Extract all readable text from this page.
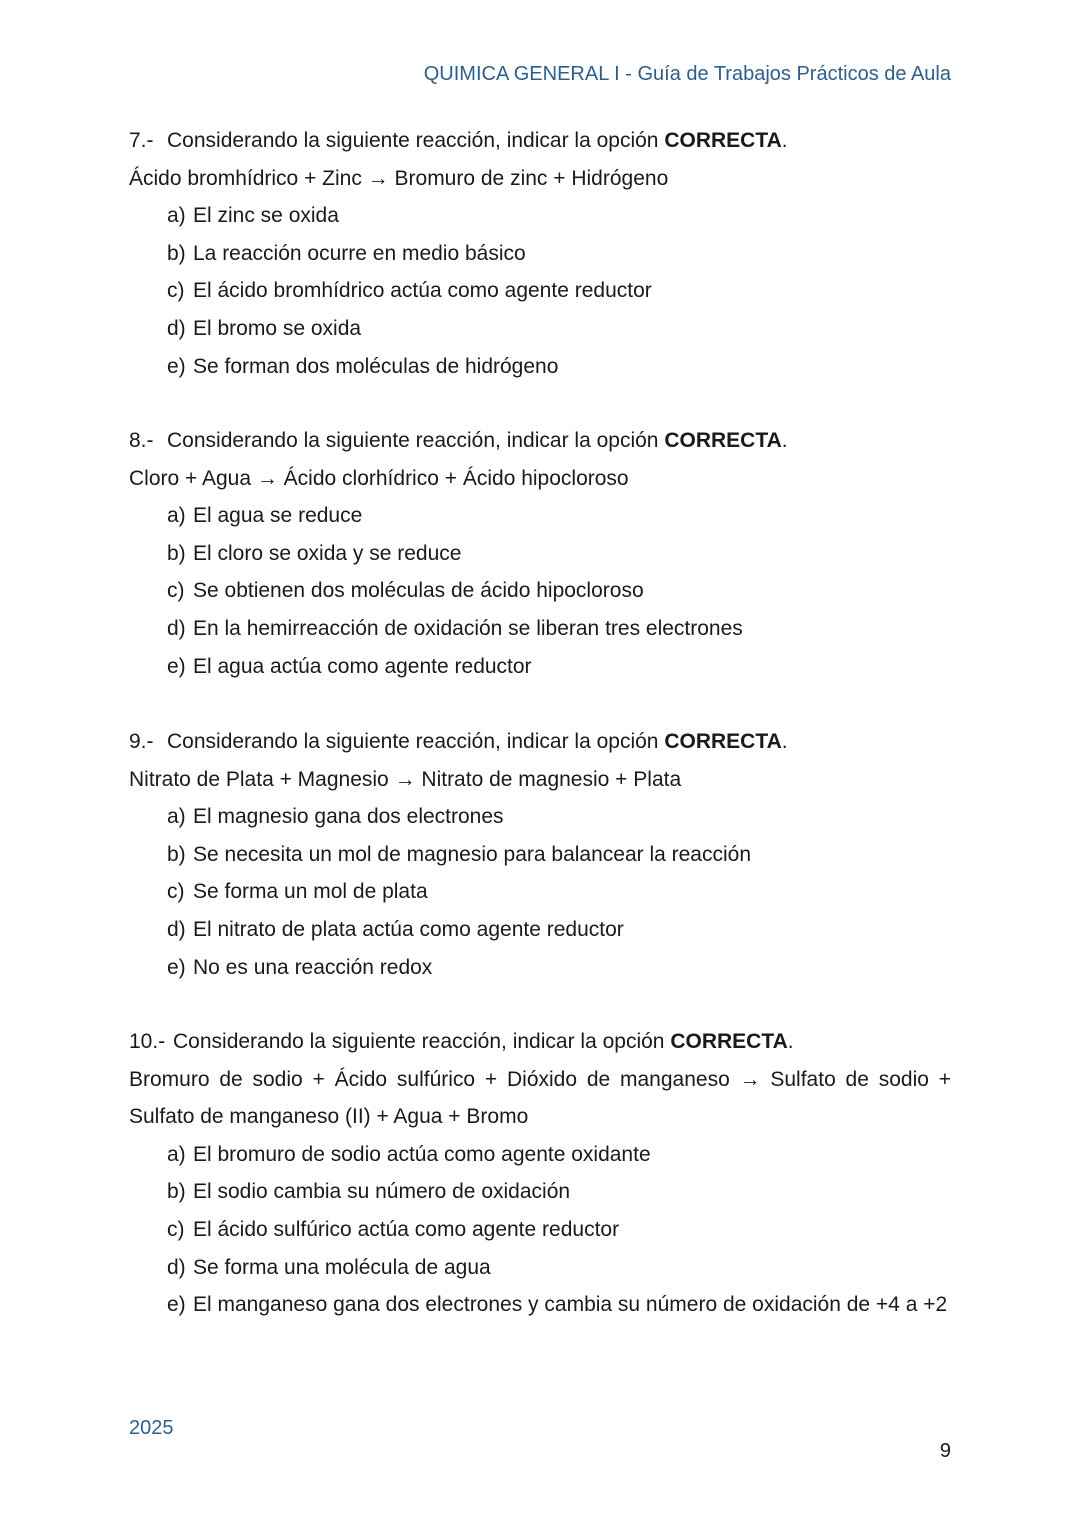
QUIMICA GENERAL I - Guía de Trabajos Prácticos de Aula
7.- Considerando la siguiente reacción, indicar la opción CORRECTA.
Ácido bromhídrico + Zinc → Bromuro de zinc + Hidrógeno
a) El zinc se oxida
b) La reacción ocurre en medio básico
c) El ácido bromhídrico actúa como agente reductor
d) El bromo se oxida
e) Se forman dos moléculas de hidrógeno
8.- Considerando la siguiente reacción, indicar la opción CORRECTA.
Cloro + Agua → Ácido clorhídrico + Ácido hipocloroso
a) El agua se reduce
b) El cloro se oxida y se reduce
c) Se obtienen dos moléculas de ácido hipocloroso
d) En la hemirreacción de oxidación se liberan tres electrones
e) El agua actúa como agente reductor
9.- Considerando la siguiente reacción, indicar la opción CORRECTA.
Nitrato de Plata + Magnesio → Nitrato de magnesio + Plata
a) El magnesio gana dos electrones
b) Se necesita un mol de magnesio para balancear la reacción
c) Se forma un mol de plata
d) El nitrato de plata actúa como agente reductor
e) No es una reacción redox
10.- Considerando la siguiente reacción, indicar la opción CORRECTA.
Bromuro de sodio + Ácido sulfúrico + Dióxido de manganeso → Sulfato de sodio + Sulfato de manganeso (II) + Agua + Bromo
a) El bromuro de sodio actúa como agente oxidante
b) El sodio cambia su número de oxidación
c) El ácido sulfúrico actúa como agente reductor
d) Se forma una molécula de agua
e) El manganeso gana dos electrones y cambia su número de oxidación de +4 a +2
2025
9
